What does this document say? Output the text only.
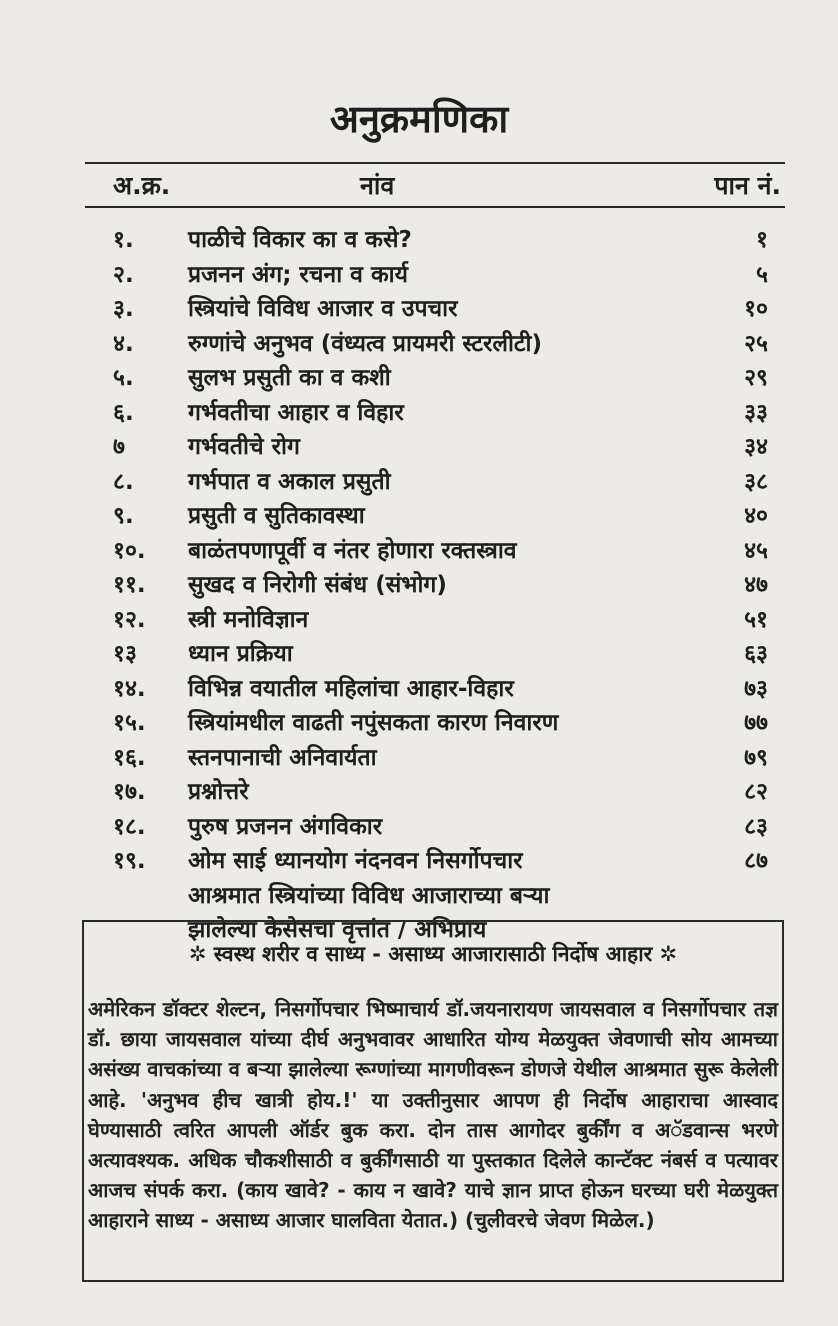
अनुक्रमणिका
अ.क्र.	नांव	पान नं.
१. पाळीचे विकार का व कसे?	१
२. प्रजनन अंग; रचना व कार्य	५
३. स्त्रियांचे विविध आजार व उपचार	१०
४. रुग्णांचे अनुभव (वंध्यत्व प्रायमरी स्टरलीटी)	२५
५. सुलभ प्रसुती का व कशी	२९
६. गर्भवतीचा आहार व विहार	३३
७	गर्भवतीचे रोग	३४
८. गर्भपात व अकाल प्रसुती	३८
९. प्रसुती व सुतिकावस्था	४०
१०. बाळंतपणापूर्वी व नंतर होणारा रक्तस्त्राव	४५
११. सुखद व निरोगी संबंध (संभोग)	४७
१२. स्त्री मनोविज्ञान	५१
१३ ध्यान प्रक्रिया	६३
१४. विभिन्न वयातील महिलांचा आहार-विहार	७३
१५. स्त्रियांमधील वाढती नपुंसकता कारण निवारण	७७
१६. स्तनपानाची अनिवार्यता	७९
१७. प्रश्नोत्तरे	८२
१८. पुरुष प्रजनन अंगविकार	८३
१९. ओम साई ध्यानयोग नंदनवन निसर्गोपचार	८७
आश्रमात स्त्रियांच्या विविध आजाराच्या बऱ्या
झालेल्या केसेसचा वृत्तांत / अभिप्राय
✲ स्वस्थ शरीर व साध्य - असाध्य आजारासाठी निर्दोष आहार ✲
अमेरिकन डॉक्टर शेल्टन, निसर्गोपचार भिष्माचार्य डॉ.जयनारायण जायसवाल व निसर्गोपचार तज्ञ डॉ. छाया जायसवाल यांच्या दीर्घ अनुभवावर आधारित योग्य मेळयुक्त जेवणाची सोय आमच्या असंख्य वाचकांच्या व बऱ्या झालेल्या रूग्णांच्या मागणीवरून डोणजे येथील आश्रमात सुरू केलेली आहे. 'अनुभव हीच खात्री होय.!' या उक्तीनुसार आपण ही निर्दोष आहाराचा आस्वाद घेण्यासाठी त्वरित आपली ऑर्डर बुक करा. दोन तास आगोदर बुर्कींग व अॅडवान्स भरणे अत्यावश्यक. अधिक चौकशीसाठी व बुर्कींगसाठी या पुस्तकात दिलेले कान्टॅक्ट नंबर्स व पत्यावर आजच संपर्क करा. (काय खावे? - काय न खावे? याचे ज्ञान प्राप्त होऊन घरच्या घरी मेळयुक्त आहाराने साध्य - असाध्य आजार घालविता येतात.) (चुलीवरचे जेवण मिळेल.)
